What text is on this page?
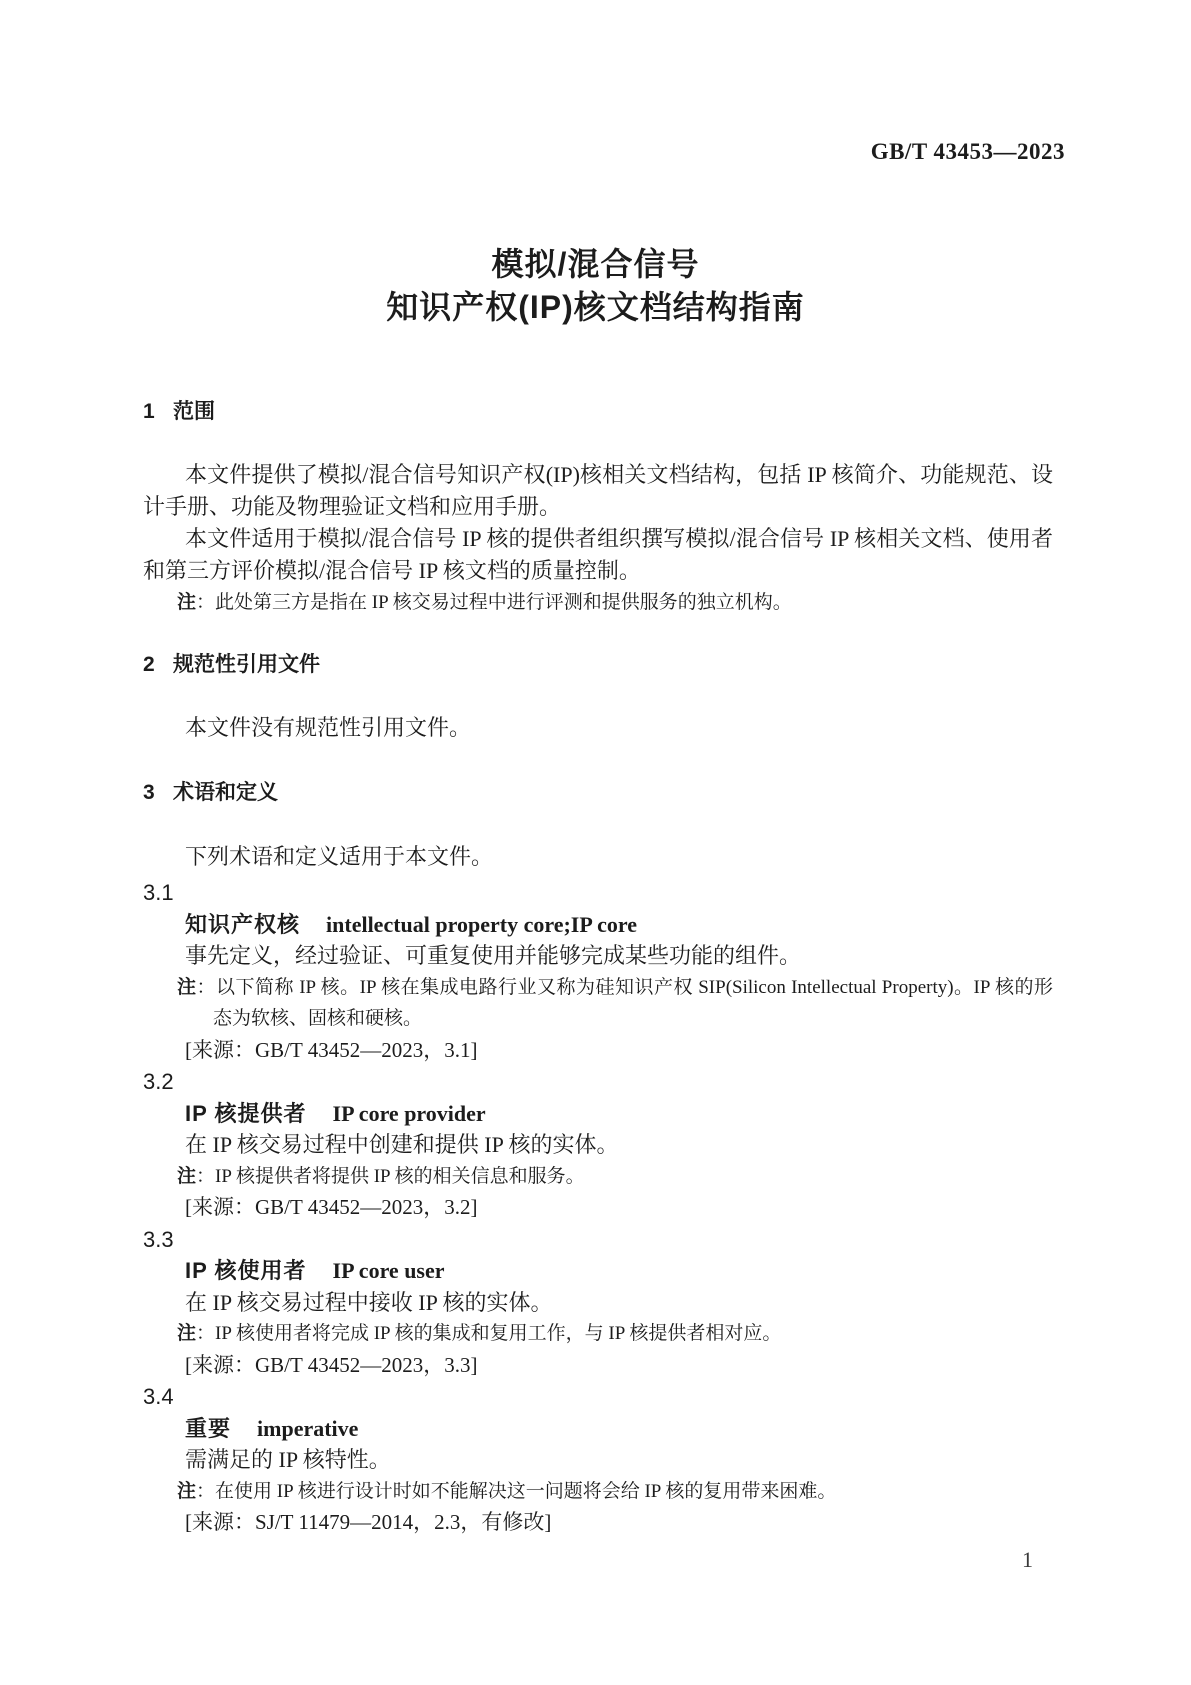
GB/T 43453—2023
模拟/混合信号
知识产权(IP)核文档结构指南
1 范围

本文件提供了模拟/混合信号知识产权(IP)核相关文档结构，包括 IP 核简介、功能规范、设计手册、功能及物理验证文档和应用手册。

本文件适用于模拟/混合信号 IP 核的提供者组织撰写模拟/混合信号 IP 核相关文档、使用者和第三方评价模拟/混合信号 IP 核文档的质量控制。

注：此处第三方是指在 IP 核交易过程中进行评测和提供服务的独立机构。
2 规范性引用文件

本文件没有规范性引用文件。

3 术语和定义

下列术语和定义适用于本文件。

3.1
知识产权核 intellectual property core;IP core
事先定义，经过验证、可重复使用并能够完成某些功能的组件。
注：以下简称 IP 核。IP 核在集成电路行业又称为硅知识产权 SIP(Silicon Intellectual Property)。IP 核的形态为软核、固核和硬核。
[来源：GB/T 43452—2023，3.1]
3.2
IP 核提供者 IP core provider
在 IP 核交易过程中创建和提供 IP 核的实体。
注：IP 核提供者将提供 IP 核的相关信息和服务。
[来源：GB/T 43452—2023，3.2]
3.3
IP 核使用者 IP core user
在 IP 核交易过程中接收 IP 核的实体。
注：IP 核使用者将完成 IP 核的集成和复用工作，与 IP 核提供者相对应。
[来源：GB/T 43452—2023，3.3]
3.4
重要 imperative
需满足的 IP 核特性。
注：在使用 IP 核进行设计时如不能解决这一问题将会给 IP 核的复用带来困难。
[来源：SJ/T 11479—2014，2.3，有修改]
1
